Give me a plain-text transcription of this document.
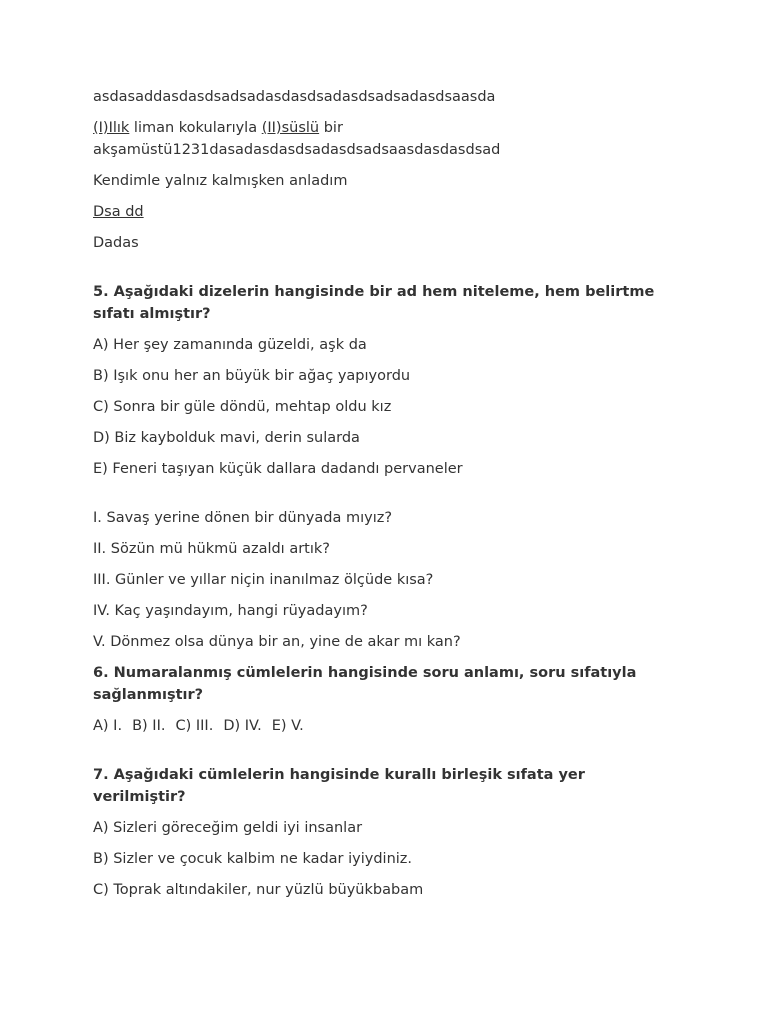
asdasaddasdasdsadsadasdasdsadasdsadsadasdsaasda

(I)Ilık liman kokularıyla (II)süslü bir
akşamüstü1231dasadasdasdsadasdsadsaasdasdasdsad

Kendimle yalnız kalmışken anladım

Dsa dd

Dadas

5. Aşağıdaki dizelerin hangisinde bir ad hem niteleme, hem belirtme sıfatı almıştır?

A) Her şey zamanında güzeldi, aşk da

B) Işık onu her an büyük bir ağaç yapıyordu

C) Sonra bir güle döndü, mehtap oldu kız

D) Biz kaybolduk mavi, derin sularda

E) Feneri taşıyan küçük dallara dadandı pervaneler

I. Savaş yerine dönen bir dünyada mıyız?

II. Sözün mü hükmü azaldı artık?

III. Günler ve yıllar niçin inanılmaz ölçüde kısa?

IV. Kaç yaşındayım, hangi rüyadayım?

V. Dönmez olsa dünya bir an, yine de akar mı kan?

6. Numaralanmış cümlelerin hangisinde soru anlamı, soru sıfatıyla sağlanmıştır?

A) I. B) II. C) III. D) IV. E) V.

7. Aşağıdaki cümlelerin hangisinde kurallı birleşik sıfata yer verilmiştir?

A) Sizleri göreceğim geldi iyi insanlar

B) Sizler ve çocuk kalbim ne kadar iyiydiniz.

C) Toprak altındakiler, nur yüzlü büyükbabam
